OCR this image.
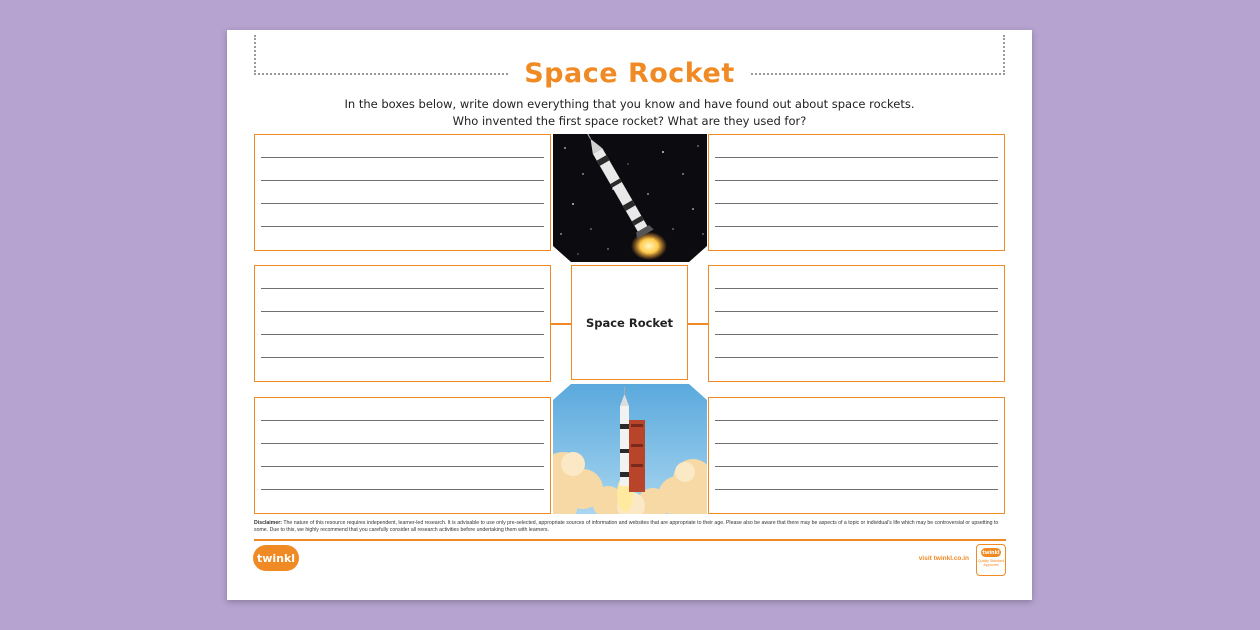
Space Rocket
In the boxes below, write down everything that you know and have found out about space rockets.
Who invented the first space rocket? What are they used for?
Space Rocket
Disclaimer: The nature of this resource requires independent, learner-led research. It is advisable to use only pre-selected, appropriate sources of information and websites that are appropriate to their age. Please also be aware that there may be aspects of a topic or individual's life which may be controversial or upsetting to some. Due to this, we highly recommend that you carefully consider all research activities before undertaking them with learners.
twinkl	visit twinkl.co.in
twinkl
Quality Standard Approved
